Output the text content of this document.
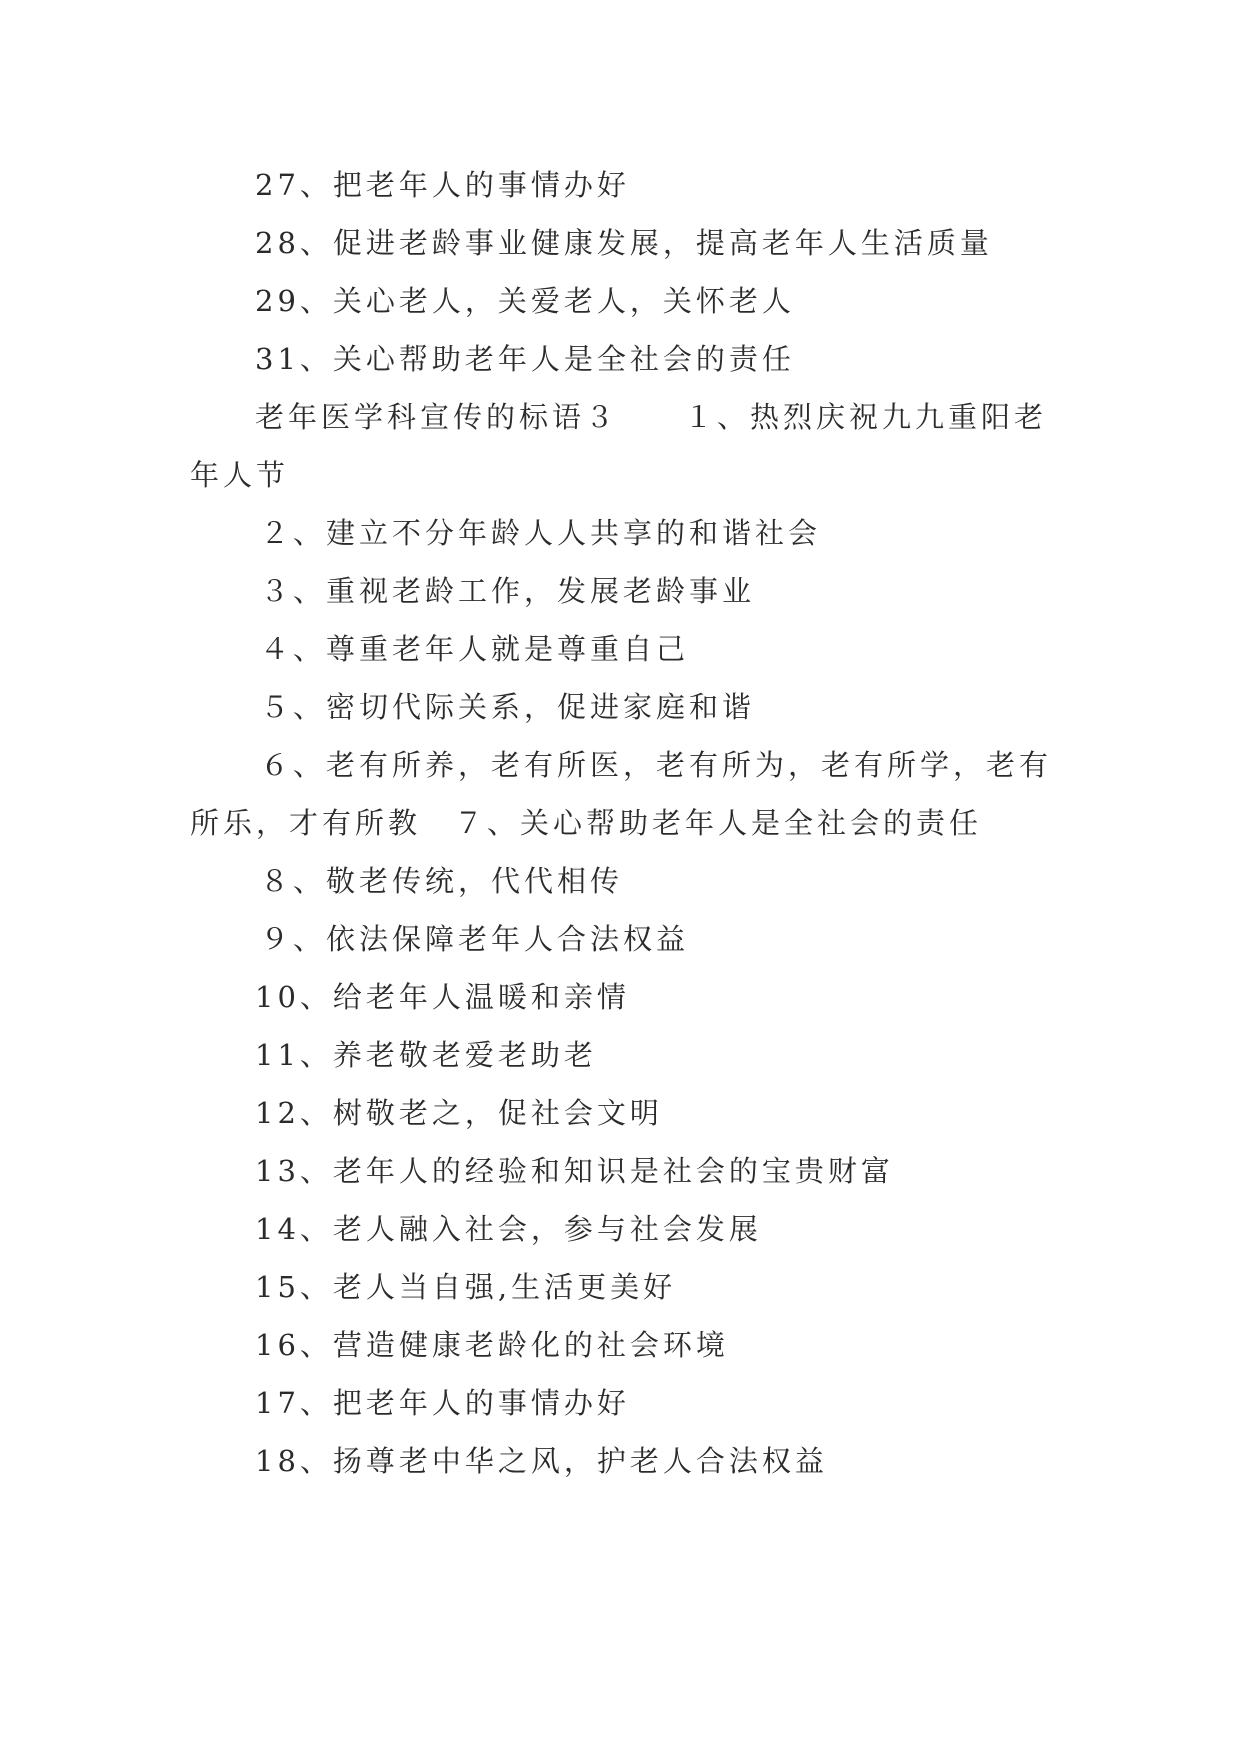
27、把老年人的事情办好

28、促进老龄事业健康发展，提高老年人生活质量

29、关心老人，关爱老人，关怀老人

31、关心帮助老年人是全社会的责任

老年医学科宣传的标语３　　１、热烈庆祝九九重阳老年人节

２、建立不分年龄人人共享的和谐社会

３、重视老龄工作，发展老龄事业

４、尊重老年人就是尊重自己

５、密切代际关系，促进家庭和谐

６、老有所养，老有所医，老有所为，老有所学，老有所乐，才有所教　７、关心帮助老年人是全社会的责任

８、敬老传统，代代相传

９、依法保障老年人合法权益

10、给老年人温暖和亲情

11、养老敬老爱老助老

12、树敬老之，促社会文明

13、老年人的经验和知识是社会的宝贵财富

14、老人融入社会，参与社会发展

15、老人当自强,生活更美好

16、营造健康老龄化的社会环境

17、把老年人的事情办好

18、扬尊老中华之风，护老人合法权益
